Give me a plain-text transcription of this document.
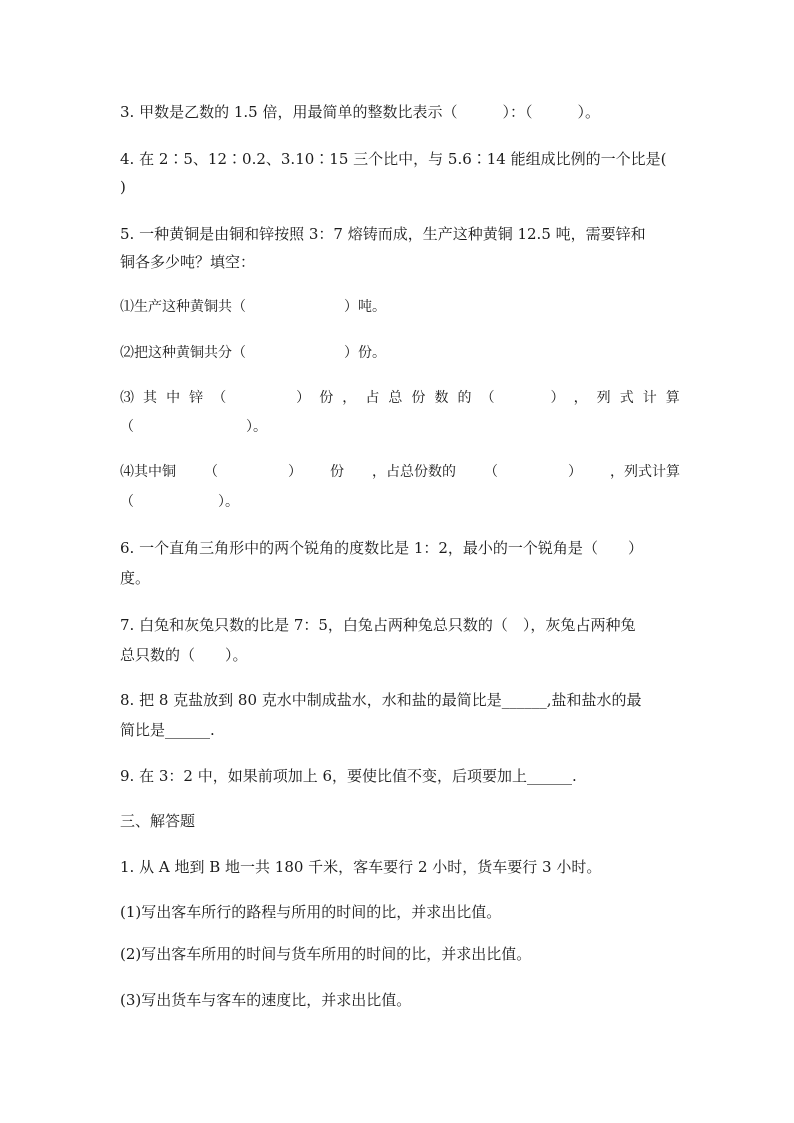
3. 甲数是乙数的 1.5 倍，用最简单的整数比表示（　　　）：（　　　）。
4. 在 2∶5、12∶0.2、3.10∶15 三个比中，与 5.6∶14 能组成比例的一个比是(
)
5. 一种黄铜是由铜和锌按照 3：7 熔铸而成，生产这种黄铜 12.5 吨，需要锌和
铜各多少吨？填空：
⑴生产这种黄铜共（　　　　　　　）吨。
⑵把这种黄铜共分（　　　　　　　）份。
⑶ 其 中 锌 （　　　　　） 份 ， 占 总 份 数 的 （　　　　） ， 列 式 计 算
（　　　　　　　　）。
⑷其中铜 （　　　　　） 份 ，占总份数的 （　　　　　） ，列式计算
（　　　　　　）。
6. 一个直角三角形中的两个锐角的度数比是 1：2，最小的一个锐角是（　　）
度。
7. 白兔和灰兔只数的比是 7：5，白兔占两种兔总只数的（　），灰兔占两种兔
总只数的（　　）。
8. 把 8 克盐放到 80 克水中制成盐水，水和盐的最简比是______,盐和盐水的最
简比是______.
9. 在 3：2 中，如果前项加上 6，要使比值不变，后项要加上______.
三、解答题
1. 从 A 地到 B 地一共 180 千米，客车要行 2 小时，货车要行 3 小时。
(1)写出客车所行的路程与所用的时间的比，并求出比值。
(2)写出客车所用的时间与货车所用的时间的比，并求出比值。
(3)写出货车与客车的速度比，并求出比值。
